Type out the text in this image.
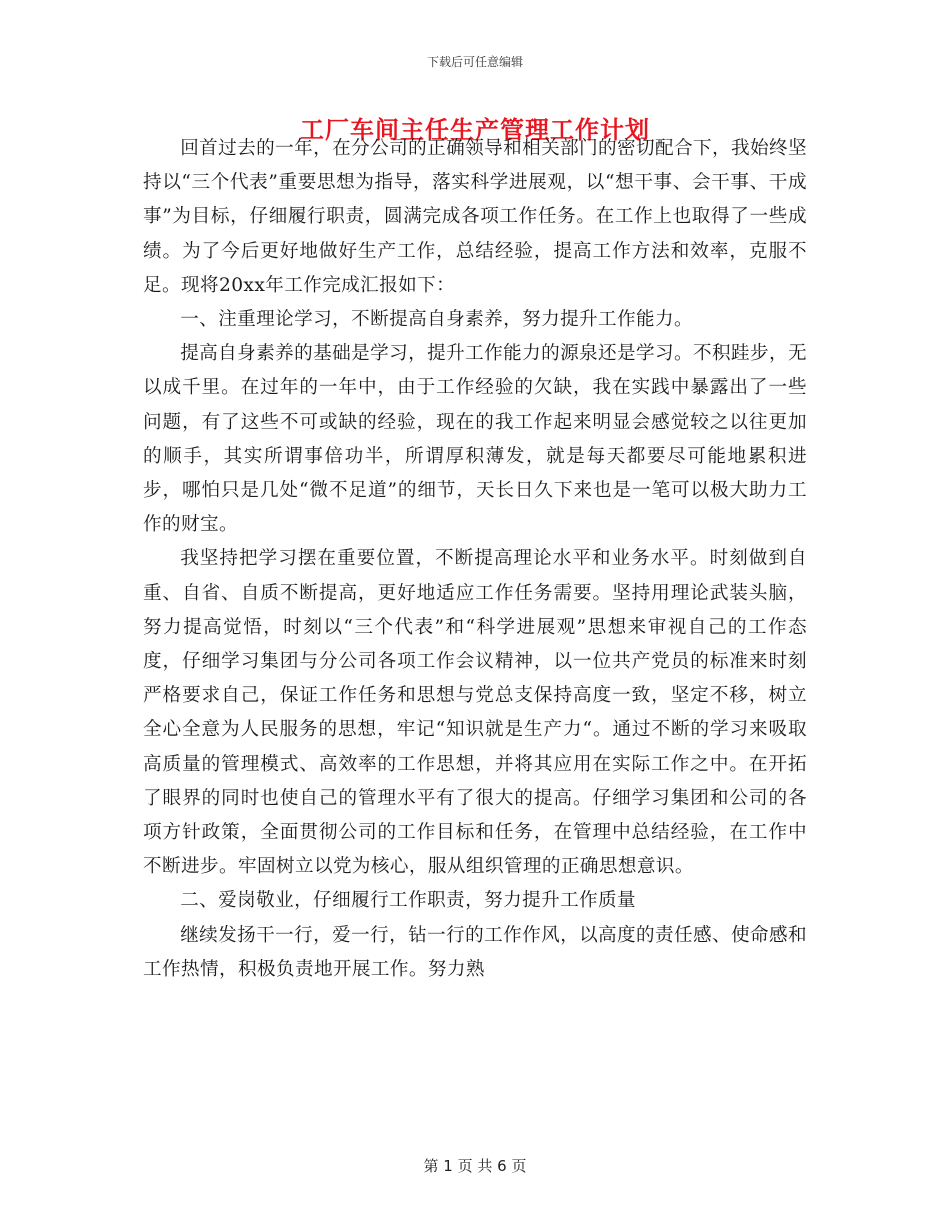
下载后可任意编辑
工厂车间主任生产管理工作计划

回首过去的一年，在分公司的正确领导和相关部门的密切配合下，我始终坚持以“三个代表”重要思想为指导，落实科学进展观，以“想干事、会干事、干成事”为目标，仔细履行职责，圆满完成各项工作任务。在工作上也取得了一些成绩。为了今后更好地做好生产工作，总结经验，提高工作方法和效率，克服不足。现将20xx年工作完成汇报如下：

一、注重理论学习，不断提高自身素养，努力提升工作能力。

提高自身素养的基础是学习，提升工作能力的源泉还是学习。不积跬步，无以成千里。在过年的一年中，由于工作经验的欠缺，我在实践中暴露出了一些问题，有了这些不可或缺的经验，现在的我工作起来明显会感觉较之以往更加的顺手，其实所谓事倍功半，所谓厚积薄发，就是每天都要尽可能地累积进步，哪怕只是几处“微不足道”的细节，天长日久下来也是一笔可以极大助力工作的财宝。

我坚持把学习摆在重要位置，不断提高理论水平和业务水平。时刻做到自重、自省、自质不断提高，更好地适应工作任务需要。坚持用理论武装头脑，努力提高觉悟，时刻以“三个代表”和“科学进展观”思想来审视自己的工作态度，仔细学习集团与分公司各项工作会议精神，以一位共产党员的标准来时刻严格要求自己，保证工作任务和思想与党总支保持高度一致，坚定不移，树立全心全意为人民服务的思想，牢记“知识就是生产力“。通过不断的学习来吸取高质量的管理模式、高效率的工作思想，并将其应用在实际工作之中。在开拓了眼界的同时也使自己的管理水平有了很大的提高。仔细学习集团和公司的各项方针政策，全面贯彻公司的工作目标和任务，在管理中总结经验，在工作中不断进步。牢固树立以党为核心，服从组织管理的正确思想意识。

二、爱岗敬业，仔细履行工作职责，努力提升工作质量

继续发扬干一行，爱一行，钻一行的工作作风，以高度的责任感、使命感和工作热情，积极负责地开展工作。努力熟

第 1 页 共 6 页
